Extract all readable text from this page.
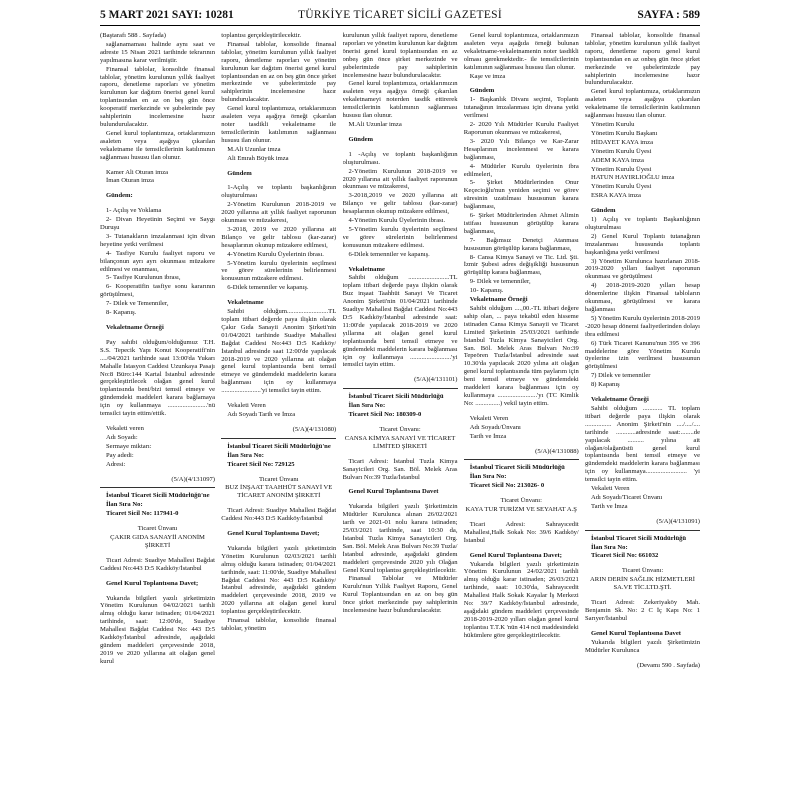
5 MART 2021 SAYI: 10281	TÜRKİYE TİCARET SİCİLİ GAZETESİ	SAYFA : 589

(Baştarafı 588 . Sayfada)

sağlanamaması halinde aynı saat ve adreste 15 Nisan 2021 tarihinde tekrarının yapılmasına karar verilmiştir.

Finansal tablolar, konsolide finansal tablolar, yönetim kurulunun yıllık faaliyet raporu, denetleme raporları ve yönetim kurulunun kar dağıtım önerisi genel kurul toplantısından en az on beş gün önce kooperatif merkezinde ve şubelerinde pay sahiplerinin incelemesine hazır bulundurulacaktır.

Genel kurul toplantımıza, ortaklarımızın asaleten veya aşağıya çıkarılan vekaletname ile temsilcilerinin katılımının sağlanması hususu ilan olunur.

Kamer Ali Oturan imza

İman Oturan imza

Gündem:

1- Açılış ve Yoklama

2- Divan Heyetinin Seçimi ve Saygı Duruşu

3- Tutanakların imzalanmasi için divan heyetine yetki verilmesi

4- Tasfiye Kurulu faaliyet raporu ve bilançonun ayrı ayrı okunması müzakere edilmesi ve onanması,

5- Tasfiye Kurulunun ibrası,

6- Kooperatifin tasfiye sonu kararının görüşülmesi,

7- Dilek ve Temenniler,

8- Kapanış.

Vekaletname Örneği

Pay sahibi olduğum/olduğumuz T.H. S.S. Tepecik Yapı Konut Kooperatifi'nin ..../04/2021 tarihinde saat 13:00'da Yukarı Mahalle İstasyon Caddesi Uzunkaya Pasajı No:8 Büro:144 Kartal İstanbul adresinde gerçekleştirilecek olağan genel kurul toplantısında beni/bizi temsil etmeye ve gündemdeki maddeleri karara bağlamaya için oy kullanmaya ........................'nü temsilci tayin ettim/ettik.

Vekaleti veren

Adı Soyadı:

Sermaye miktarı:

Pay adedi:

Adresi:

(5/A)(4/131097)

İstanbul Ticaret Sicili Müdürlüğü'ne

İlan Sıra No:

Ticaret Sicil No: 117941-0

Ticaret Ünvanı

ÇAKIR GIDA SANAYİİ ANONİM ŞİRKETİ

Ticari Adresi: Suadiye Mahallesi Bağdat Caddesi No:443 D:5 Kadıköy/İstanbul

Genel Kurul Toplantısına Davet;

Yukarıda bilgileri yazılı şirketimizin Yönetim Kurulunun 04/02/2021 tarihli almış olduğu karar istinaden; 01/04/2021 tarihinde, saat: 12:00'de, Suadiye Mahallesi Bağdat Caddesi No: 443 D:5 Kadıköy/İstanbul adresinde, aşağıdaki gündem maddeleri çerçevesinde 2018, 2019 ve 2020 yıllarına ait olağan genel kurul

toplantısı gerçekleştirilecektir.

Finansal tablolar, konsolide finansal tablolar, yönetim kurulunun yıllık faaliyet raporu, denetleme raporları ve yönetim kurulunun kar dağıtım önerisi genel kurul toplantısından en az on beş gün önce şirket merkezinde ve şubelerimizde pay sahiplerinin incelemesine hazır bulundurulacaktır.

Genel kurul toplantımıza, ortaklarımızın asaleten veya aşağıya örneği çıkarılan noter tasdikli vekaletname ile temsilcilerinin katılımının sağlanması hususu ilan olunur.

M.Ali Uzunlar imza

Ali Emrah Büyük imza

Gündem

1-Açılış ve toplantı başkanlığının oluşturulması

2-Yönetim Kurulunun 2018-2019 ve 2020 yıllarına ait yıllık faaliyet raporunun okunması ve müzakeresi,

3-2018, 2019 ve 2020 yıllarına ait Bilanço ve gelir tablosu (kar-zarar) hesaplarının okunup müzakere edilmesi,

4-Yönetim Kurulu Üyelerinin ibrası.

5-Yönetim kurulu üyelerinin seçilmesi ve görev sürelerinin belirlenmesi konusunun müzakere edilmesi.

6-Dilek temenniler ve kapanış.

Vekaletname

Sahibi olduğum.........................TL toplam itibari değerde paya ilişkin olarak Çakır Gıda Sanayii Anonim Şirketi'nin 01/04/2021 tarihinde Suadiye Mahallesi Bağdat Caddesi No:443 D:5 Kadıköy/İstanbul adresinde saat 12:00'de yapılacak 2018-2019 ve 2020 yıllarına ait olağan genel kurul toplantısında beni temsil etmeye ve gündemdeki maddelerin karara bağlanması için oy kullanmaya ........................'yi temsilci tayin ettim.

Vekaleti Veren

Adı Soyadı Tarih ve İmza

(5/A)(4/131080)

İstanbul Ticaret Sicili Müdürlüğü'ne

İlan Sıra No:

Ticaret Sicil No: 729125

Ticaret Ünvanı

BUZ İNŞAAT TAAHHÜT SANAYİ VE TİCARET ANONİM ŞİRKETİ

Ticari Adresi: Suadiye Mahallesi Bağdat Caddesi No:443 D:5 Kadıköy/İstanbul

Genel Kurul Toplantısına Davet;

Yukarıda bilgileri yazılı şirketimizin Yönetim Kurulunun 02/03/2021 tarihli almış olduğu karara istinaden; 01/04/2021 tarihinde, saat: 11:00'de, Suadiye Mahallesi Bağdat Caddesi No: 443 D:5 Kadıköy/İstanbul adresinde, aşağıdaki gündem maddeleri çerçevesinde 2018, 2019 ve 2020 yıllarına ait olağan genel kurul toplantısı gerçekleştirilecektir.

Finansal tablolar, konsolide finansal tablolar, yönetim

kurulunun yıllık faaliyet raporu, denetleme raporları ve yönetim kurulunun kar dağıtım önerisi genel kurul toplantısından en az onbeş gün önce şirket merkezinde ve şubelerimizde pay sahiplerinin incelemesine hazır bulundurulacaktır.

Genel kurul toplantımıza, ortaklarımızın asaleten veya aşağıya örneği çıkarılan vekaletnameyi noterden tasdik ettirerek temsilcilerinin katılımının sağlanması hususu ilan olunur.

M.Ali Uzunlar imza

Gündem

1 -Açılış ve toplantı başkanlığının oluşturulması.

2-Yönetim Kurulunun 2018-2019 ve 2020 yıllarına ait yıllık faaliyet raporunun okunması ve müzakeresi,

3-2018,2019 ve 2020 yıllarına ait Bilanço ve gelir tablosu (kar-zarar) hesaplarının okunup müzakere edilmesi,

4-Yönetim Kurulu Üyelerinin ibrası.

5-Yönetim kurulu üyelerinin seçilmesi ve görev sürelerinin belirlenmesi konusunun müzakere edilmesi.

6-Dilek temenniler ve kapanış.

Vekaletname

Sahibi olduğum .........................TL toplam itibari değerde paya ilişkin olarak Buz inşaat Taahhüt Sanayi Ve Ticaret Anonim Şirketi'nin 01/04/2021 tarihinde Suadiye Mahallesi Bağdat Caddesi No:443 D:5 Kadıköy/İstanbul adresinde saat: 11:00'de yapılacak 2018-2019 ve 2020 yıllarına ait olağan genel kurul toplantısında beni temsil etmeye ve gündemdeki maddelerin karara bağlanması için oy kullanmaya .........................'yi temsilci tayin ettim.

(5/A)(4/131101)

İstanbul Ticaret Sicili Müdürlüğü

İlan Sıra No:

Ticaret Sicil No: 180309-0

Ticaret Ünvanı:

CANSA KİMYA SANAYİ VE TİCARET LİMİTED ŞİRKETİ

Ticari Adresi: İstanbul Tuzla Kimya Sanayicileri Org. San. Böl. Melek Aras Bulvarı No:39 Tuzla/İstanbul

Genel Kurul Toplantısına Davet

Yukarıda bilgileri yazılı Şirketimizin Müdürler Kurulunca alınan 26/02/2021 tarih ve 2021-01 nolu karara istinaden; 25/03/2021 tarihinde, saat 10:30 da, İstanbul Tuzla Kimya Sanayicileri Org. San. Böl. Melek Aras Bulvarı No:39 Tuzla/İstanbul adresinde, aşağıdaki gündem maddeleri çerçevesinde 2020 yılı Olağan Genel Kurul toplantısı gerçekleştirilecektir.

Finansal Tablolar ve Müdürler Kurulu'nun Yıllık Faaliyet Raporu, Genel Kurul Toplantısından en az on beş gün önce şirket merkezinde pay sahiplerinin incelemesine hazır bulundurulacaktır.

Genel kurul toplantımıza, ortaklarımızın asaleten veya aşağıda örneği bulunan vekaletname-vekaletnamenin noter tasdikli olması gerekmektedir.- ile temsilcilerinin katılımının sağlanması hususu ilan olunur.

Kaşe ve imza

Gündem

1- Başkanlık Divanı seçimi, Toplantı tutanağının imzalanması için divana yetki verilmesi

2- 2020 Yılı Müdürler Kurulu Faaliyet Raporunun okunması ve müzakeresi,

3- 2020 Yılı Bilanço ve Kar-Zarar Hesaplarının incelenmesi ve karara bağlanması,

4- Müdürler Kurulu üyelerinin ibra edilmeleri,

5- Şirket Müdürlerinden Onur Keçecioğlu'nun yeniden seçimi ve görev süresinin uzatılması hususunun karara bağlanması,

6- Şirket Müdürlerinden Ahmet Alimin istifası hususunun görüşülüp karara bağlanması,

7- Bağımsız Denetçi Atanması hususunun görüşülüp karara bağlanması,

8- Cansa Kimya Sanayi ve Tic. Ltd. Şti. İzmir Şubesi adres değişikliği hususunun görüşülüp karara bağlanması,

9- Dilek ve temenniler,

10- Kapanış.

Vekaletname Örneği

Sahibi olduğum ....,00.-TL itibari değere sahip olan, ... paya tekabül eden hisseme istinaden Cansa Kimya Sanayii ve Ticaret Limited Şirketinin 25/03/2021 tarihinde İstanbul Tuzla Kimya Sanayicileri Org. San. Böl. Melek Aras Bulvarı No:39 Tepeören Tuzla/İstanbul adresinde saat 10.30'da yapılacak 2020 yılına ait olağan genel kurul toplantısında tüm paylarım için beni temsil etmeye ve gündemdeki maddeleri karara bağlanması için oy kullanmaya ........................'yı (TC Kimlik No: ...............) vekil tayin ettim.

Vekaleti Veren

Adı Soyadı/Ünvanı

Tarih ve İmza

(5/A)(4/131088)

İstanbul Ticaret Sicili Müdürlüğü

İlan Sıra No:

Ticaret Sicil No: 213026- 0

Ticaret Ünvanı:

KAYA TUR TURİZM VE SEYAHAT A.Ş

Ticari Adresi: Sahrayıcedit Mahallesi,Halk Sokak No: 39/6 Kadıköy/İstanbul

Genel Kurul Toplantısına Davet;

Yukarıda bilgileri yazılı şirketimizin Yönetim Kurulunun 24/02/2021 tarihli almış olduğu karar istinaden; 26/03/2021 tarihinde, saat: 10.30'da, Sahrayıcedit Mahallesi Halk Sokak Kayalar İş Merkezi No: 39/7 Kadıköy/İstanbul adresinde, aşağıdaki gündem maddeleri çerçevesinde 2018-2019-2020 yılları olağan genel kurul toplantısı T.T.K 'nün 414 ncü maddesindeki hükümlere göre gerçekleştirilecektir.

Finansal tablolar, konsolide finansal tablolar, yönetim kurulunun yıllık faaliyet raporu, denetleme raporu genel kurul toplantısından en az onbeş gün önce şirket merkezinde ve şubelerimizde pay sahiplerinin incelemesine hazır bulundurulacaktır.

Genel kurul toplantımıza, ortaklarımızın asaleten veya aşağıya çıkarılan vekaletname ile temsilcilerinin katılımının sağlanması hususu ilan olunur.

Yönetim Kurulu

Yönetim Kurulu Başkanı

HİDAYET KAYA imza

Yönetim Kurulu Üyesi

ADEM KAYA imza

Yönetim Kurulu Üyesi

HATUN HAYIRLIOĞLU imza

Yönetim Kurulu Üyesi

ESRA KAYA imza

Gündem

1) Açılış ve toplantı Başkanlığının oluşturulması

2) Genel Kurul Toplantı tutanağının imzalanması hususunda toplantı başkanlığına yetki verilmesi

3) Yönetim Kurulunca hazırlanan 2018-2019-2020 yılları faaliyet raporunun okunması ve görüşülmesi

4) 2018-2019-2020 yılları hesap dönemlerine ilişkin Finansal tabloların okunması, görüşülmesi ve karara bağlanması

5) Yönetim Kurulu üyelerinin 2018-2019 -2020 hesap dönemi faaliyetlerinden dolayı ibra edilmesi

6) Türk Ticaret Kanunu'nun 395 ve 396 maddelerine göre Yönetim Kurulu üyelerine izin verilmesi hususunun görüşülmesi

7) Dilek ve temenniler

8) Kapanış

Vekaletname Örneği

Sahibi olduğum ............ TL toplam itibari değerde paya ilişkin olarak ................ Anonim Şirketi'nin ..../..../.... tarihinde ............adresinde saat:........de yapılacak .......... yılına ait olağan/olağanüstü genel kurul toplantısında beni temsil etmeye ve gündemdeki maddelerin karara bağlanması için oy kullanmaya......................... 'yi temsilci tayin ettim.

Vekaleti Veren

Adı Soyadı/Ticaret Ünvanı

Tarih ve İmza

(5/A)(4/131091)

İstanbul Ticaret Sicili Müdürlüğü

İlan Sıra No:

Ticaret Sicil No: 661032

Ticaret Ünvanı:

ARIN DERİN SAĞLIK HİZMETLERİ SA.VE TİC.LTD.ŞTİ.

Ticari Adresi: Zekeriyaköy Mah. Benjamin Sk. No: 2 C İç Kapı No: 1 Sarıyer/İstanbul

Genel Kurul Toplantısına Davet

Yukarıda bilgileri yazılı Şirketimizin Müdürler Kurulunca

(Devamı 590 . Sayfada)
